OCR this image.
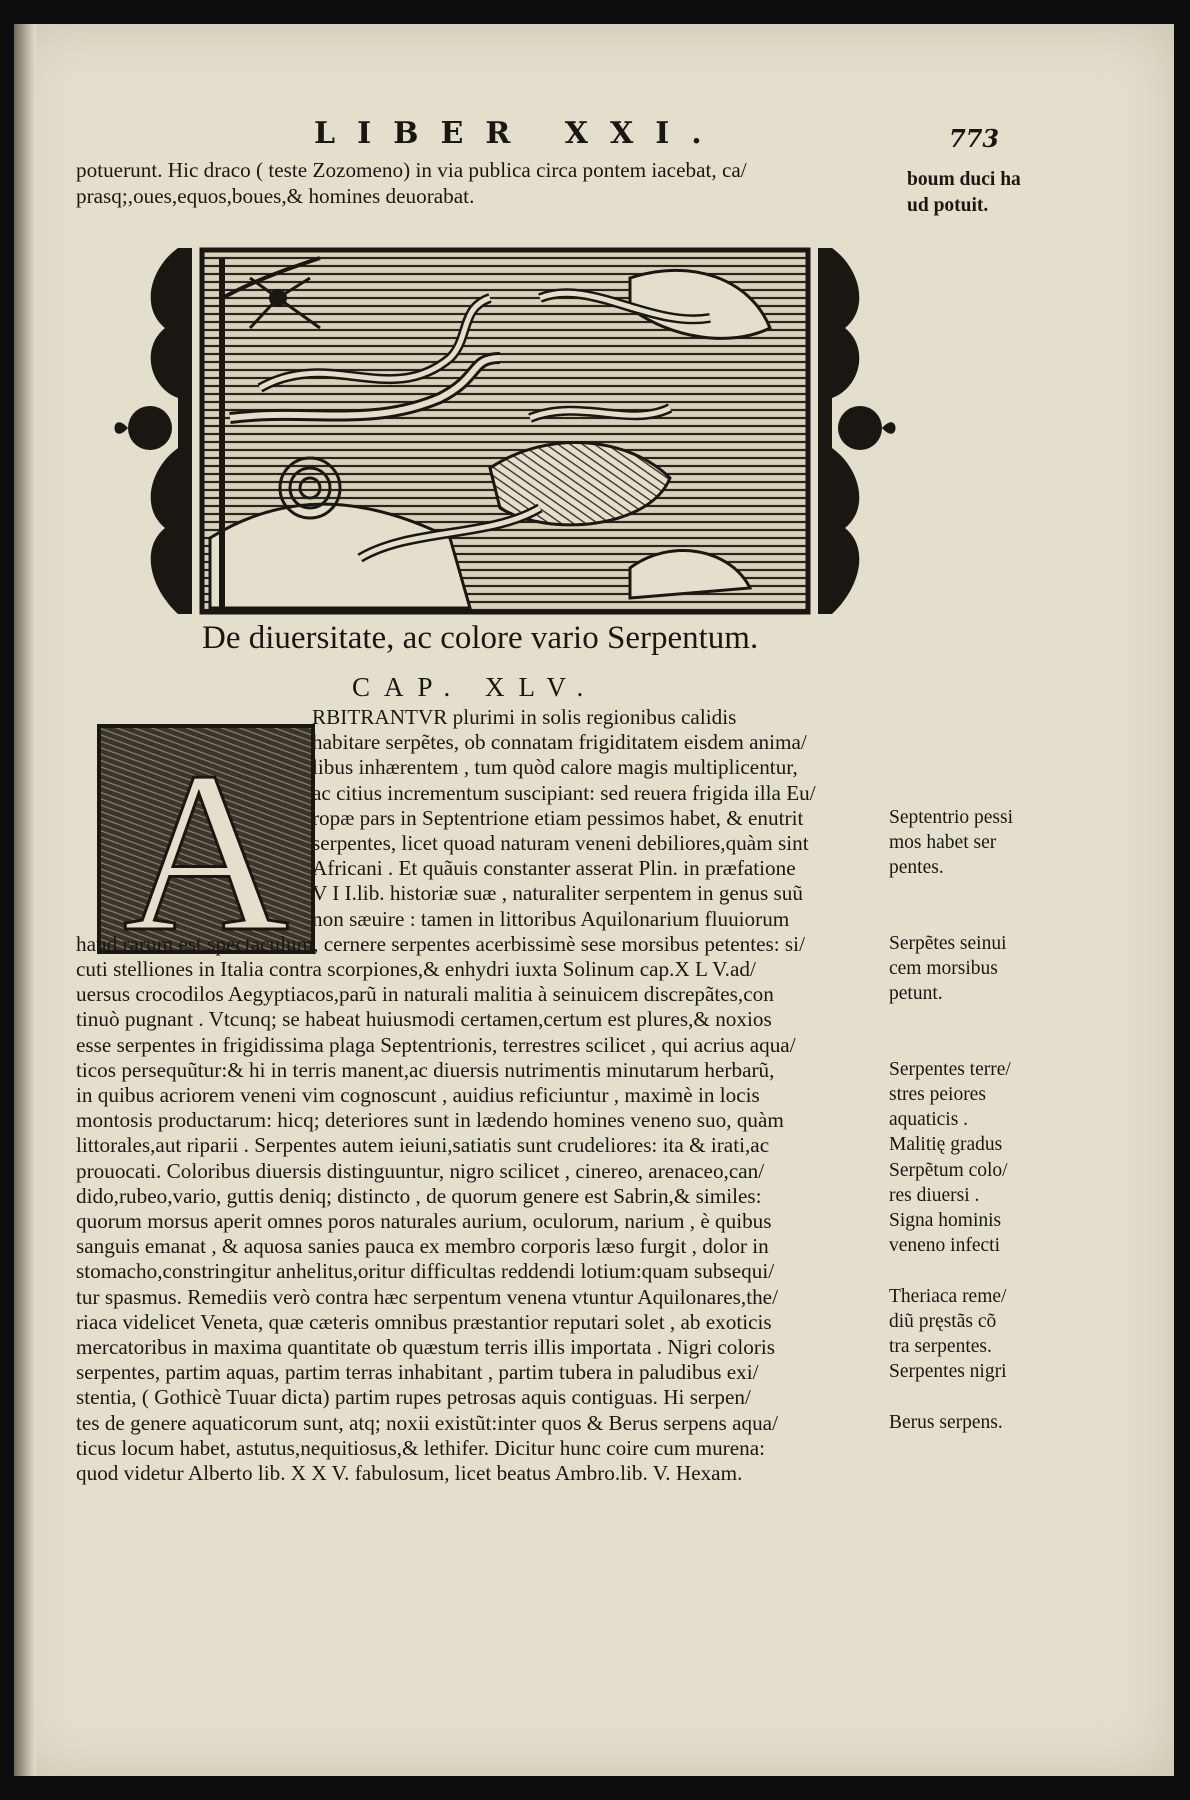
LIBER XXI.	773
potuerunt. Hic draco ( teste Zozomeno) in via publica circa pontem iacebat, ca/
prasq;,oues,equos,boues,& homines deuorabat.
boum duci ha
ud potuit.
De diuersitate, ac colore vario Serpentum.
CAP. XLV.
A
RBITRANTVR plurimi in solis regionibus calidis
habitare serpẽtes, ob connatam frigiditatem eisdem anima/
libus inhærentem , tum quòd calore magis multiplicentur,
ac citius incrementum suscipiant: sed reuera frigida illa Eu/
ropæ pars in Septentrione etiam pessimos habet, & enutrit
serpentes, licet quoad naturam veneni debiliores,quàm sint
Africani . Et quãuis constanter asserat Plin. in præfatione
V I I.lib. historiæ suæ , naturaliter serpentem in genus suũ
non sæuire : tamen in littoribus Aquilonarium fluuiorum
haud rarum est spectaculum, cernere serpentes acerbissimè sese morsibus petentes: si/
cuti stelliones in Italia contra scorpiones,& enhydri iuxta Solinum cap.X L V.ad/
uersus crocodilos Aegyptiacos,parũ in naturali malitia à seinuicem discrepãtes,con
tinuò pugnant . Vtcunq; se habeat huiusmodi certamen,certum est plures,& noxios
esse serpentes in frigidissima plaga Septentrionis, terrestres scilicet , qui acrius aqua/
ticos persequũtur:& hi in terris manent,ac diuersis nutrimentis minutarum herbarũ,
in quibus acriorem veneni vim cognoscunt , auidius reficiuntur , maximè in locis
montosis productarum: hicq; deteriores sunt in lædendo homines veneno suo, quàm
littorales,aut riparii . Serpentes autem ieiuni,satiatis sunt crudeliores: ita & irati,ac
prouocati. Coloribus diuersis distinguuntur, nigro scilicet , cinereo, arenaceo,can/
dido,rubeo,vario, guttis deniq; distincto , de quorum genere est Sabrin,& similes:
quorum morsus aperit omnes poros naturales aurium, oculorum, narium , è quibus
sanguis emanat , & aquosa sanies pauca ex membro corporis læso furgit , dolor in
stomacho,constringitur anhelitus,oritur difficultas reddendi lotium:quam subsequi/
tur spasmus. Remediis verò contra hæc serpentum venena vtuntur Aquilonares,the/
riaca videlicet Veneta, quæ cæteris omnibus præstantior reputari solet , ab exoticis
mercatoribus in maxima quantitate ob quæstum terris illis importata . Nigri coloris
serpentes, partim aquas, partim terras inhabitant , partim tubera in paludibus exi/
stentia, ( Gothicè Tuuar dicta) partim rupes petrosas aquis contiguas. Hi serpen/
tes de genere aquaticorum sunt, atq; noxii existũt:inter quos & Berus serpens aqua/
ticus locum habet, astutus,nequitiosus,& lethifer. Dicitur hunc coire cum murena:
quod videtur Alberto lib. X X V. fabulosum, licet beatus Ambro.lib. V. Hexam.
Septentrio pessi
mos habet ser
pentes.
Serpẽtes seinui
cem morsibus
petunt.
Serpentes terre/
stres peiores
aquaticis .
Malitię gradus
Serpẽtum colo/
res diuersi .
Signa hominis
veneno infecti
Theriaca reme/
diũ pręstãs cõ
tra serpentes.
Serpentes nigri
Berus serpens.
